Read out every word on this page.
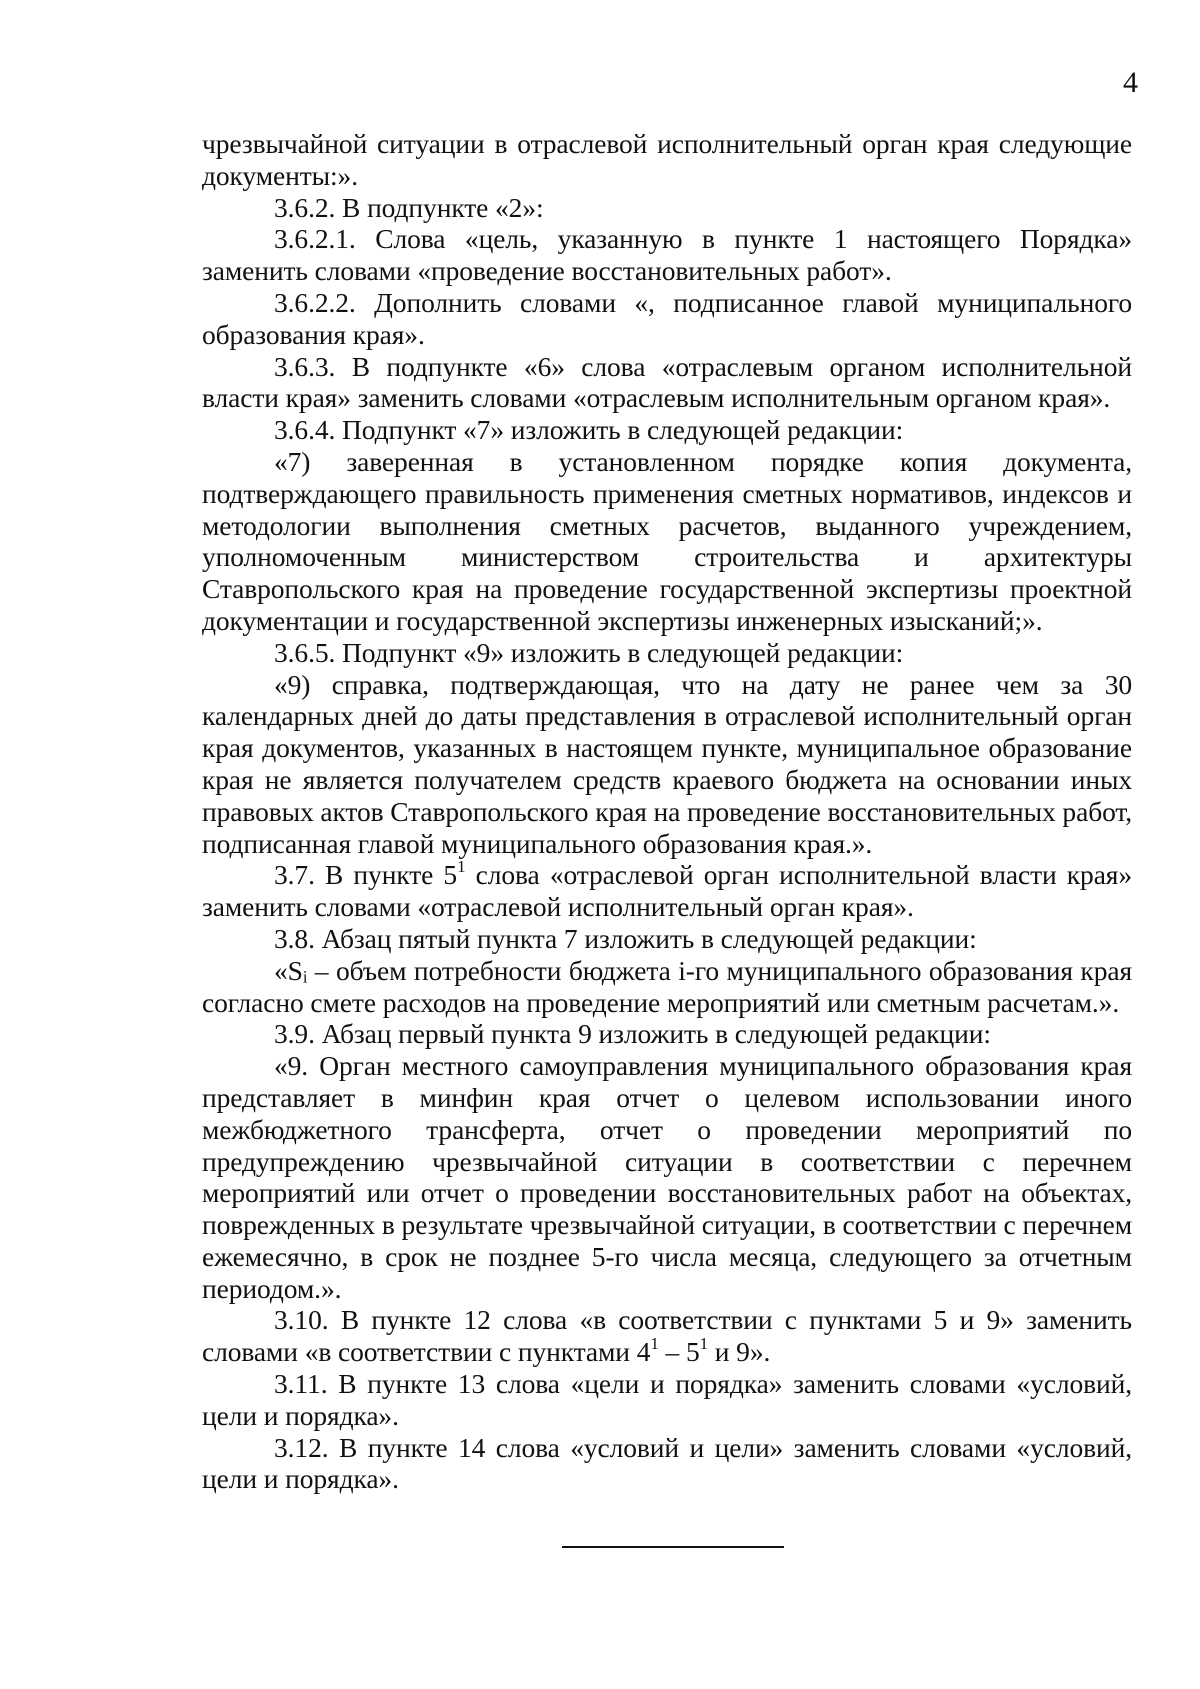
4

чрезвычайной ситуации в отраслевой исполнительный орган края следующие документы:».

3.6.2. В подпункте «2»:

3.6.2.1. Слова «цель, указанную в пункте 1 настоящего Порядка» заменить словами «проведение восстановительных работ».

3.6.2.2. Дополнить словами «, подписанное главой муниципального образования края».

3.6.3. В подпункте «6» слова «отраслевым органом исполнительной власти края» заменить словами «отраслевым исполнительным органом края».

3.6.4. Подпункт «7» изложить в следующей редакции:

«7) заверенная в установленном порядке копия документа, подтверждающего правильность применения сметных нормативов, индексов и методологии выполнения сметных расчетов, выданного учреждением, уполномоченным министерством строительства и архитектуры Ставропольского края на проведение государственной экспертизы проектной документации и государственной экспертизы инженерных изысканий;».

3.6.5. Подпункт «9» изложить в следующей редакции:

«9) справка, подтверждающая, что на дату не ранее чем за 30 календарных дней до даты представления в отраслевой исполнительный орган края документов, указанных в настоящем пункте, муниципальное образование края не является получателем средств краевого бюджета на основании иных правовых актов Ставропольского края на проведение восстановительных работ, подписанная главой муниципального образования края.».

3.7. В пункте $5^1$ слова «отраслевой орган исполнительной власти края» заменить словами «отраслевой исполнительный орган края».

3.8. Абзац пятый пункта 7 изложить в следующей редакции:

«Sᵢ – объем потребности бюджета i-го муниципального образования края согласно смете расходов на проведение мероприятий или сметным расчетам.».

3.9. Абзац первый пункта 9 изложить в следующей редакции:

«9. Орган местного самоуправления муниципального образования края представляет в минфин края отчет о целевом использовании иного межбюджетного трансферта, отчет о проведении мероприятий по предупреждению чрезвычайной ситуации в соответствии с перечнем мероприятий или отчет о проведении восстановительных работ на объектах, поврежденных в результате чрезвычайной ситуации, в соответствии с перечнем ежемесячно, в срок не позднее 5-го числа месяца, следующего за отчетным периодом.».

3.10. В пункте 12 слова «в соответствии с пунктами 5 и 9» заменить словами «в соответствии с пунктами $4^1 - 5^1$ и 9».

3.11. В пункте 13 слова «цели и порядка» заменить словами «условий, цели и порядка».

3.12. В пункте 14 слова «условий и цели» заменить словами «условий, цели и порядка».
